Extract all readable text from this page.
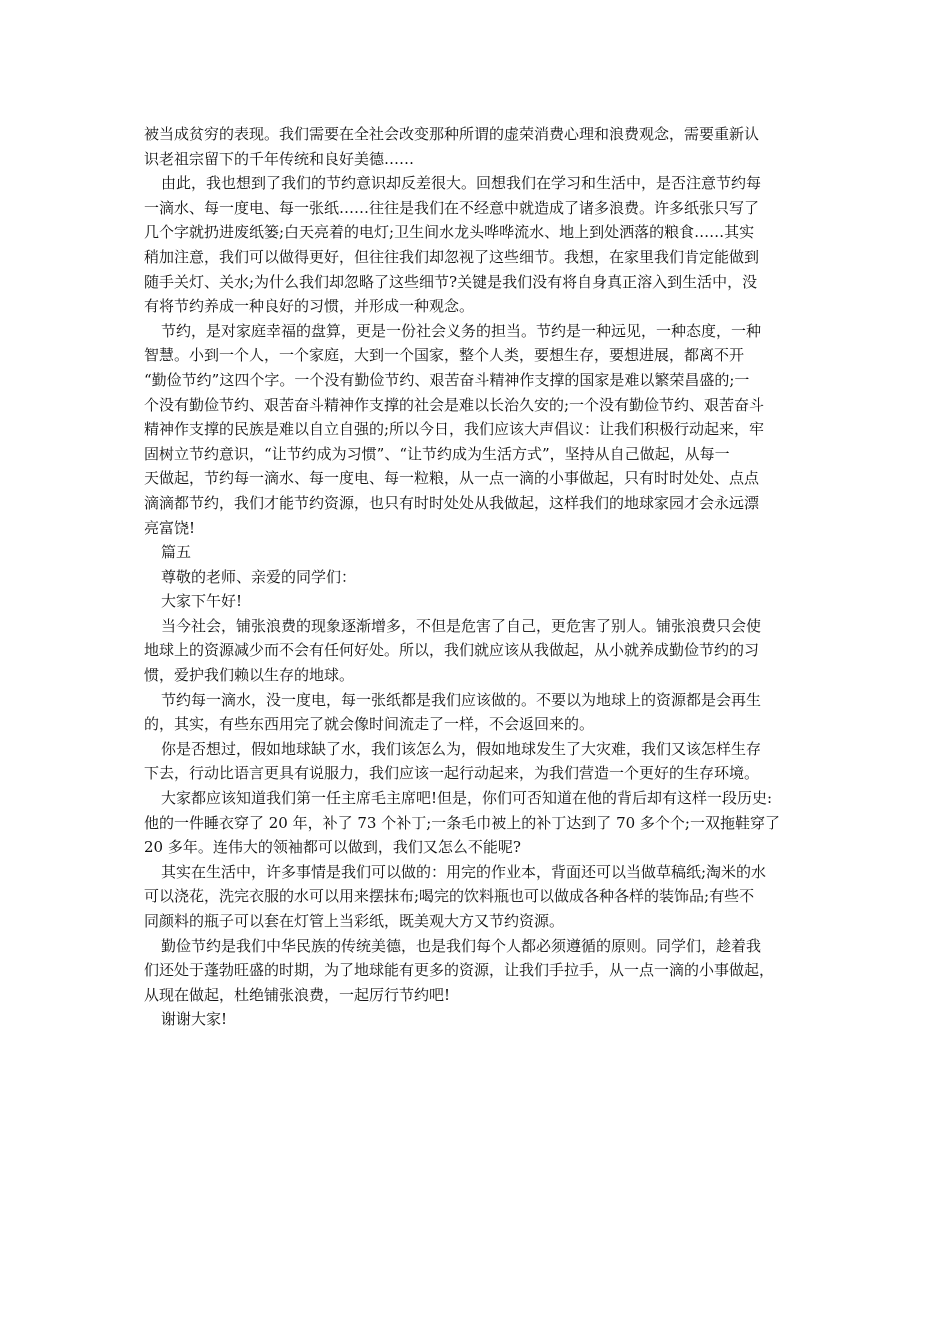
被当成贫穷的表现。我们需要在全社会改变那种所谓的虚荣消费心理和浪费观念，需要重新认
识老祖宗留下的千年传统和良好美德……
由此，我也想到了我们的节约意识却反差很大。回想我们在学习和生活中，是否注意节约每
一滴水、每一度电、每一张纸……往往是我们在不经意中就造成了诸多浪费。许多纸张只写了
几个字就扔进废纸篓;白天亮着的电灯;卫生间水龙头哗哗流水、地上到处洒落的粮食……其实
稍加注意，我们可以做得更好，但往往我们却忽视了这些细节。我想，在家里我们肯定能做到
随手关灯、关水;为什么我们却忽略了这些细节?关键是我们没有将自身真正溶入到生活中，没
有将节约养成一种良好的习惯，并形成一种观念。
节约，是对家庭幸福的盘算，更是一份社会义务的担当。节约是一种远见，一种态度，一种
智慧。小到一个人，一个家庭，大到一个国家，整个人类，要想生存，要想进展，都离不开
“勤俭节约”这四个字。一个没有勤俭节约、艰苦奋斗精神作支撑的国家是难以繁荣昌盛的;一
个没有勤俭节约、艰苦奋斗精神作支撑的社会是难以长治久安的;一个没有勤俭节约、艰苦奋斗
精神作支撑的民族是难以自立自强的;所以今日，我们应该大声倡议：让我们积极行动起来，牢
固树立节约意识，“让节约成为习惯”、“让节约成为生活方式”，坚持从自己做起，从每一
天做起，节约每一滴水、每一度电、每一粒粮，从一点一滴的小事做起，只有时时处处、点点
滴滴都节约，我们才能节约资源，也只有时时处处从我做起，这样我们的地球家园才会永远漂
亮富饶!
篇五
尊敬的老师、亲爱的同学们：
大家下午好!
当今社会，铺张浪费的现象逐渐增多，不但是危害了自己，更危害了别人。铺张浪费只会使
地球上的资源减少而不会有任何好处。所以，我们就应该从我做起，从小就养成勤俭节约的习
惯，爱护我们赖以生存的地球。
节约每一滴水，没一度电，每一张纸都是我们应该做的。不要以为地球上的资源都是会再生
的，其实，有些东西用完了就会像时间流走了一样，不会返回来的。
你是否想过，假如地球缺了水，我们该怎么为，假如地球发生了大灾难，我们又该怎样生存
下去，行动比语言更具有说服力，我们应该一起行动起来，为我们营造一个更好的生存环境。
大家都应该知道我们第一任主席毛主席吧!但是，你们可否知道在他的背后却有这样一段历史:
他的一件睡衣穿了 20 年，补了 73 个补丁;一条毛巾被上的补丁达到了 70 多个个;一双拖鞋穿了
20 多年。连伟大的领袖都可以做到，我们又怎么不能呢?
其实在生活中，许多事情是我们可以做的：用完的作业本，背面还可以当做草稿纸;淘米的水
可以浇花，洗完衣服的水可以用来摆抹布;喝完的饮料瓶也可以做成各种各样的装饰品;有些不
同颜料的瓶子可以套在灯管上当彩纸，既美观大方又节约资源。
勤俭节约是我们中华民族的传统美德，也是我们每个人都必须遵循的原则。同学们，趁着我
们还处于蓬勃旺盛的时期，为了地球能有更多的资源，让我们手拉手，从一点一滴的小事做起，
从现在做起，杜绝铺张浪费，一起厉行节约吧!
谢谢大家!
